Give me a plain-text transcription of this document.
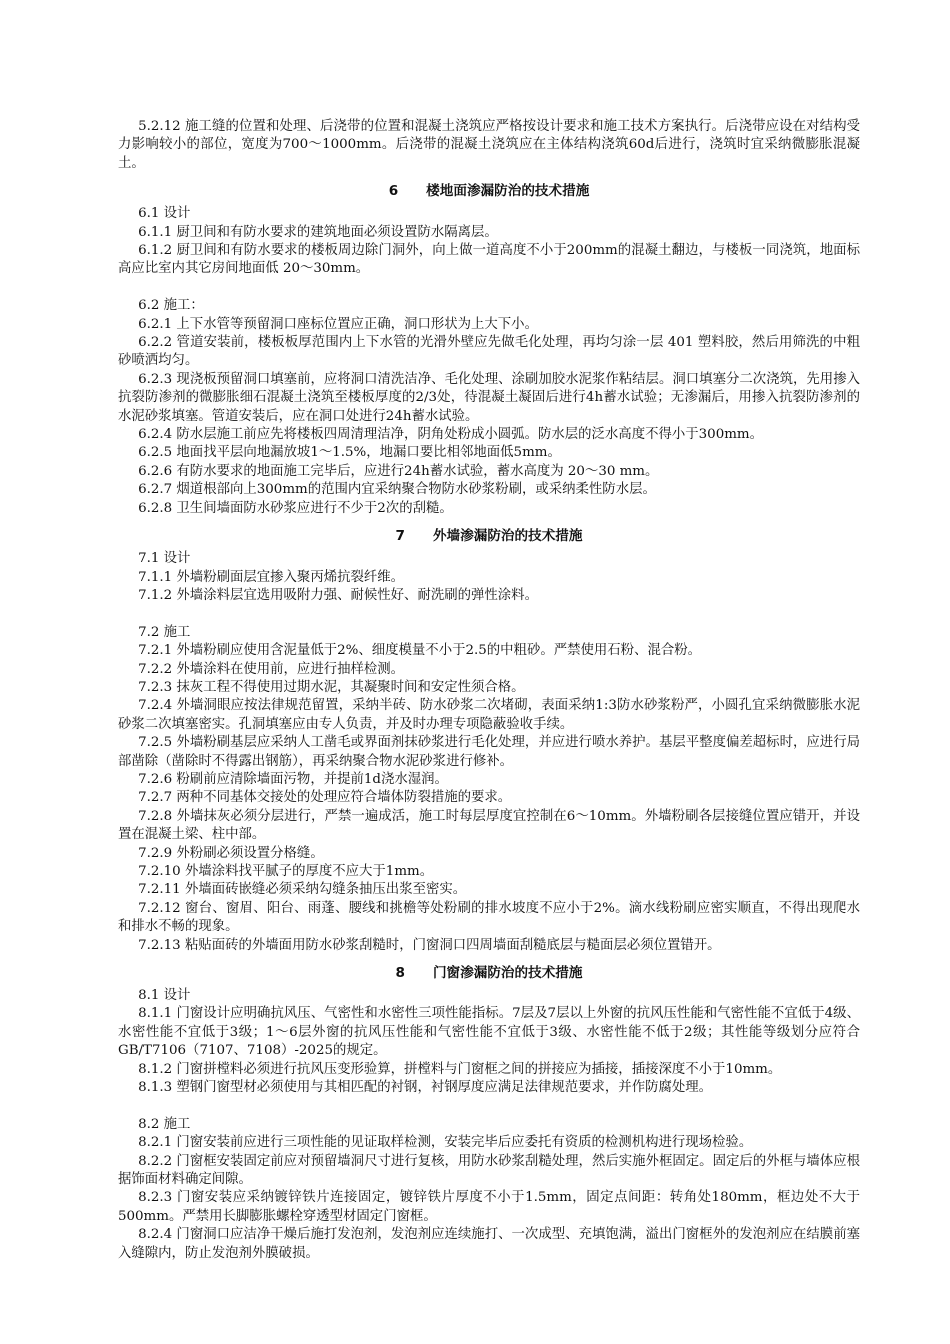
5.2.12 施工缝的位置和处理、后浇带的位置和混凝土浇筑应严格按设计要求和施工技术方案执行。后浇带应设在对结构受力影响较小的部位，宽度为700～1000mm。后浇带的混凝土浇筑应在主体结构浇筑60d后进行，浇筑时宜采纳微膨胀混凝土。

6 楼地面渗漏防治的技术措施

6.1 设计

6.1.1 厨卫间和有防水要求的建筑地面必须设置防水隔离层。

6.1.2 厨卫间和有防水要求的楼板周边除门洞外，向上做一道高度不小于200mm的混凝土翻边，与楼板一同浇筑，地面标高应比室内其它房间地面低 20～30mm。

6.2 施工：

6.2.1 上下水管等预留洞口座标位置应正确，洞口形状为上大下小。

6.2.2 管道安装前，楼板板厚范围内上下水管的光滑外壁应先做毛化处理，再均匀涂一层 401 塑料胶，然后用筛洗的中粗砂喷洒均匀。

6.2.3 现浇板预留洞口填塞前，应将洞口清洗洁净、毛化处理、涂刷加胶水泥浆作粘结层。洞口填塞分二次浇筑，先用掺入抗裂防渗剂的微膨胀细石混凝土浇筑至楼板厚度的2/3处，待混凝土凝固后进行4h蓄水试验；无渗漏后，用掺入抗裂防渗剂的水泥砂浆填塞。管道安装后，应在洞口处进行24h蓄水试验。

6.2.4 防水层施工前应先将楼板四周清理洁净，阴角处粉成小圆弧。防水层的泛水高度不得小于300mm。

6.2.5 地面找平层向地漏放坡1～1.5%，地漏口要比相邻地面低5mm。

6.2.6 有防水要求的地面施工完毕后，应进行24h蓄水试验，蓄水高度为 20～30 mm。

6.2.7 烟道根部向上300mm的范围内宜采纳聚合物防水砂浆粉刷，或采纳柔性防水层。

6.2.8 卫生间墙面防水砂浆应进行不少于2次的刮糙。

7 外墙渗漏防治的技术措施

7.1 设计

7.1.1 外墙粉刷面层宜掺入聚丙烯抗裂纤维。

7.1.2 外墙涂料层宜选用吸附力强、耐候性好、耐洗刷的弹性涂料。

7.2 施工

7.2.1 外墙粉刷应使用含泥量低于2%、细度模量不小于2.5的中粗砂。严禁使用石粉、混合粉。

7.2.2 外墙涂料在使用前，应进行抽样检测。

7.2.3 抹灰工程不得使用过期水泥，其凝聚时间和安定性须合格。

7.2.4 外墙洞眼应按法律规范留置，采纳半砖、防水砂浆二次堵砌，表面采纳1:3防水砂浆粉严，小圆孔宜采纳微膨胀水泥砂浆二次填塞密实。孔洞填塞应由专人负责，并及时办理专项隐蔽验收手续。

7.2.5 外墙粉刷基层应采纳人工凿毛或界面剂抹砂浆进行毛化处理，并应进行喷水养护。基层平整度偏差超标时，应进行局部凿除（凿除时不得露出钢筋），再采纳聚合物水泥砂浆进行修补。

7.2.6 粉刷前应清除墙面污物，并提前1d浇水湿润。

7.2.7 两种不同基体交接处的处理应符合墙体防裂措施的要求。

7.2.8 外墙抹灰必须分层进行，严禁一遍成活，施工时每层厚度宜控制在6～10mm。外墙粉刷各层接缝位置应错开，并设置在混凝土梁、柱中部。

7.2.9 外粉刷必须设置分格缝。

7.2.10 外墙涂料找平腻子的厚度不应大于1mm。

7.2.11 外墙面砖嵌缝必须采纳勾缝条抽压出浆至密实。

7.2.12 窗台、窗眉、阳台、雨蓬、腰线和挑檐等处粉刷的排水坡度不应小于2%。滴水线粉刷应密实顺直，不得出现爬水和排水不畅的现象。

7.2.13 粘贴面砖的外墙面用防水砂浆刮糙时，门窗洞口四周墙面刮糙底层与糙面层必须位置错开。

8 门窗渗漏防治的技术措施

8.1 设计

8.1.1 门窗设计应明确抗风压、气密性和水密性三项性能指标。7层及7层以上外窗的抗风压性能和气密性能不宜低于4级、水密性能不宜低于3级；1～6层外窗的抗风压性能和气密性能不宜低于3级、水密性能不低于2级；其性能等级划分应符合GB/T7106（7107、7108）-2025的规定。

8.1.2 门窗拼樘料必须进行抗风压变形验算，拼樘料与门窗框之间的拼接应为插接，插接深度不小于10mm。

8.1.3 塑钢门窗型材必须使用与其相匹配的衬钢，衬钢厚度应满足法律规范要求，并作防腐处理。

8.2 施工

8.2.1 门窗安装前应进行三项性能的见证取样检测，安装完毕后应委托有资质的检测机构进行现场检验。

8.2.2 门窗框安装固定前应对预留墙洞尺寸进行复核，用防水砂浆刮糙处理，然后实施外框固定。固定后的外框与墙体应根据饰面材料确定间隙。

8.2.3 门窗安装应采纳镀锌铁片连接固定，镀锌铁片厚度不小于1.5mm，固定点间距：转角处180mm，框边处不大于500mm。严禁用长脚膨胀螺栓穿透型材固定门窗框。

8.2.4 门窗洞口应洁净干燥后施打发泡剂，发泡剂应连续施打、一次成型、充填饱满，溢出门窗框外的发泡剂应在结膜前塞入缝隙内，防止发泡剂外膜破损。
